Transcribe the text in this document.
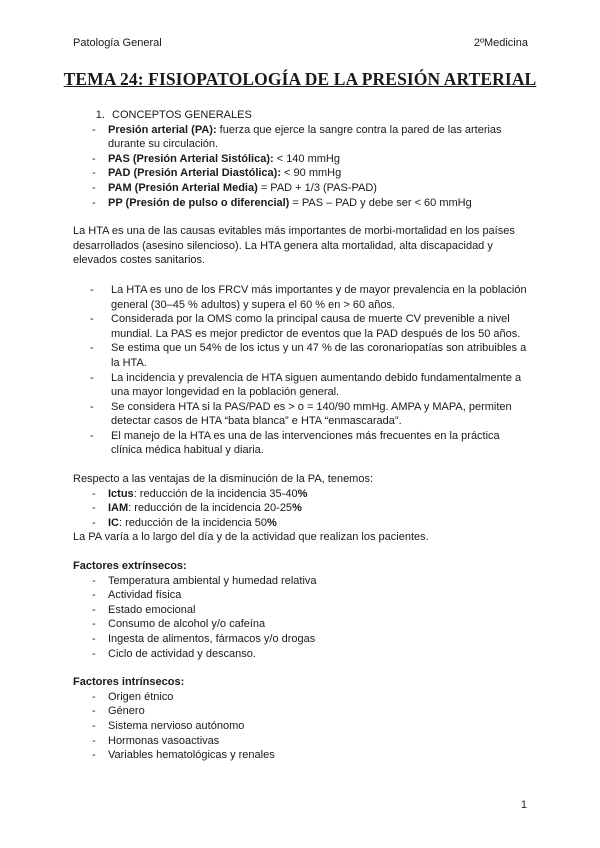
Patología General	2ºMedicina
TEMA 24: FISIOPATOLOGÍA DE LA PRESIÓN ARTERIAL
1. CONCEPTOS GENERALES
- Presión arterial (PA): fuerza que ejerce la sangre contra la pared de las arterias durante su circulación.
- PAS (Presión Arterial Sistólica): < 140 mmHg
- PAD (Presión Arterial Diastólica): < 90 mmHg
- PAM (Presión Arterial Media) = PAD + 1/3 (PAS-PAD)
- PP (Presión de pulso o diferencial) = PAS – PAD y debe ser < 60 mmHg

La HTA es una de las causas evitables más importantes de morbi-mortalidad en los países desarrollados (asesino silencioso). La HTA genera alta mortalidad, alta discapacidad y elevados costes sanitarios.

- La HTA es uno de los FRCV más importantes y de mayor prevalencia en la población general (30–45 % adultos) y supera el 60 % en > 60 años.
- Considerada por la OMS como la principal causa de muerte CV prevenible a nivel mundial. La PAS es mejor predictor de eventos que la PAD después de los 50 años.
- Se estima que un 54% de los ictus y un 47 % de las coronariopatías son atribuibles a la HTA.
- La incidencia y prevalencia de HTA siguen aumentando debido fundamentalmente a una mayor longevidad en la población general.
- Se considera HTA si la PAS/PAD es > o = 140/90 mmHg. AMPA y MAPA, permiten detectar casos de HTA “bata blanca” e HTA “enmascarada”.
- El manejo de la HTA es una de las intervenciones más frecuentes en la práctica clínica médica habitual y diaria.

Respecto a las ventajas de la disminución de la PA, tenemos:

- Ictus: reducción de la incidencia 35-40%
- IAM: reducción de la incidencia 20-25%
- IC: reducción de la incidencia 50%

La PA varía a lo largo del día y de la actividad que realizan los pacientes.

Factores extrínsecos:

- Temperatura ambiental y humedad relativa
- Actividad física
- Estado emocional
- Consumo de alcohol y/o cafeína
- Ingesta de alimentos, fármacos y/o drogas
- Ciclo de actividad y descanso.

Factores intrínsecos:

- Origen étnico
- Género
- Sistema nervioso autónomo
- Hormonas vasoactivas
- Variables hematológicas y renales
1
